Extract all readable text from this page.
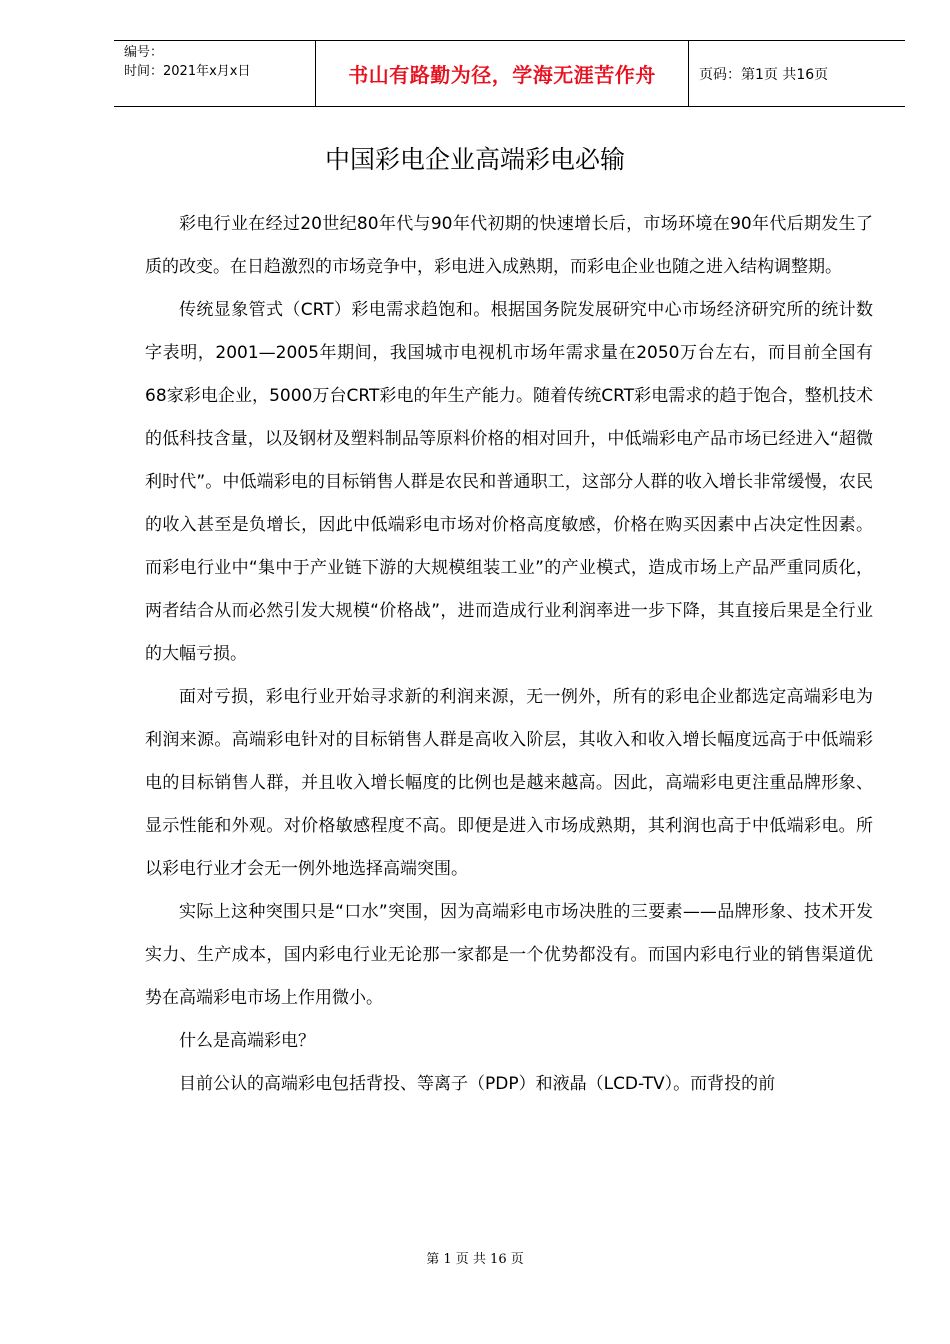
编号：
时间：2021年x月x日	书山有路勤为径，学海无涯苦作舟	页码：第1页 共16页
中国彩电企业高端彩电必输

彩电行业在经过20世纪80年代与90年代初期的快速增长后，市场环境在90年代后期发生了质的改变。在日趋激烈的市场竞争中，彩电进入成熟期，而彩电企业也随之进入结构调整期。

传统显象管式（CRT）彩电需求趋饱和。根据国务院发展研究中心市场经济研究所的统计数字表明，2001—2005年期间，我国城市电视机市场年需求量在2050万台左右，而目前全国有68家彩电企业，5000万台CRT彩电的年生产能力。随着传统CRT彩电需求的趋于饱合，整机技术的低科技含量，以及钢材及塑料制品等原料价格的相对回升，中低端彩电产品市场已经进入“超微利时代”。中低端彩电的目标销售人群是农民和普通职工，这部分人群的收入增长非常缓慢，农民的收入甚至是负增长，因此中低端彩电市场对价格高度敏感，价格在购买因素中占决定性因素。而彩电行业中“集中于产业链下游的大规模组装工业”的产业模式，造成市场上产品严重同质化，两者结合从而必然引发大规模“价格战”，进而造成行业利润率进一步下降，其直接后果是全行业的大幅亏损。

面对亏损，彩电行业开始寻求新的利润来源，无一例外，所有的彩电企业都选定高端彩电为利润来源。高端彩电针对的目标销售人群是高收入阶层，其收入和收入增长幅度远高于中低端彩电的目标销售人群，并且收入增长幅度的比例也是越来越高。因此，高端彩电更注重品牌形象、显示性能和外观。对价格敏感程度不高。即便是进入市场成熟期，其利润也高于中低端彩电。所以彩电行业才会无一例外地选择高端突围。

实际上这种突围只是“口水”突围，因为高端彩电市场决胜的三要素——品牌形象、技术开发实力、生产成本，国内彩电行业无论那一家都是一个优势都没有。而国内彩电行业的销售渠道优势在高端彩电市场上作用微小。

什么是高端彩电？

目前公认的高端彩电包括背投、等离子（PDP）和液晶（LCD-TV）。而背投的前

第 1 页 共 16 页
